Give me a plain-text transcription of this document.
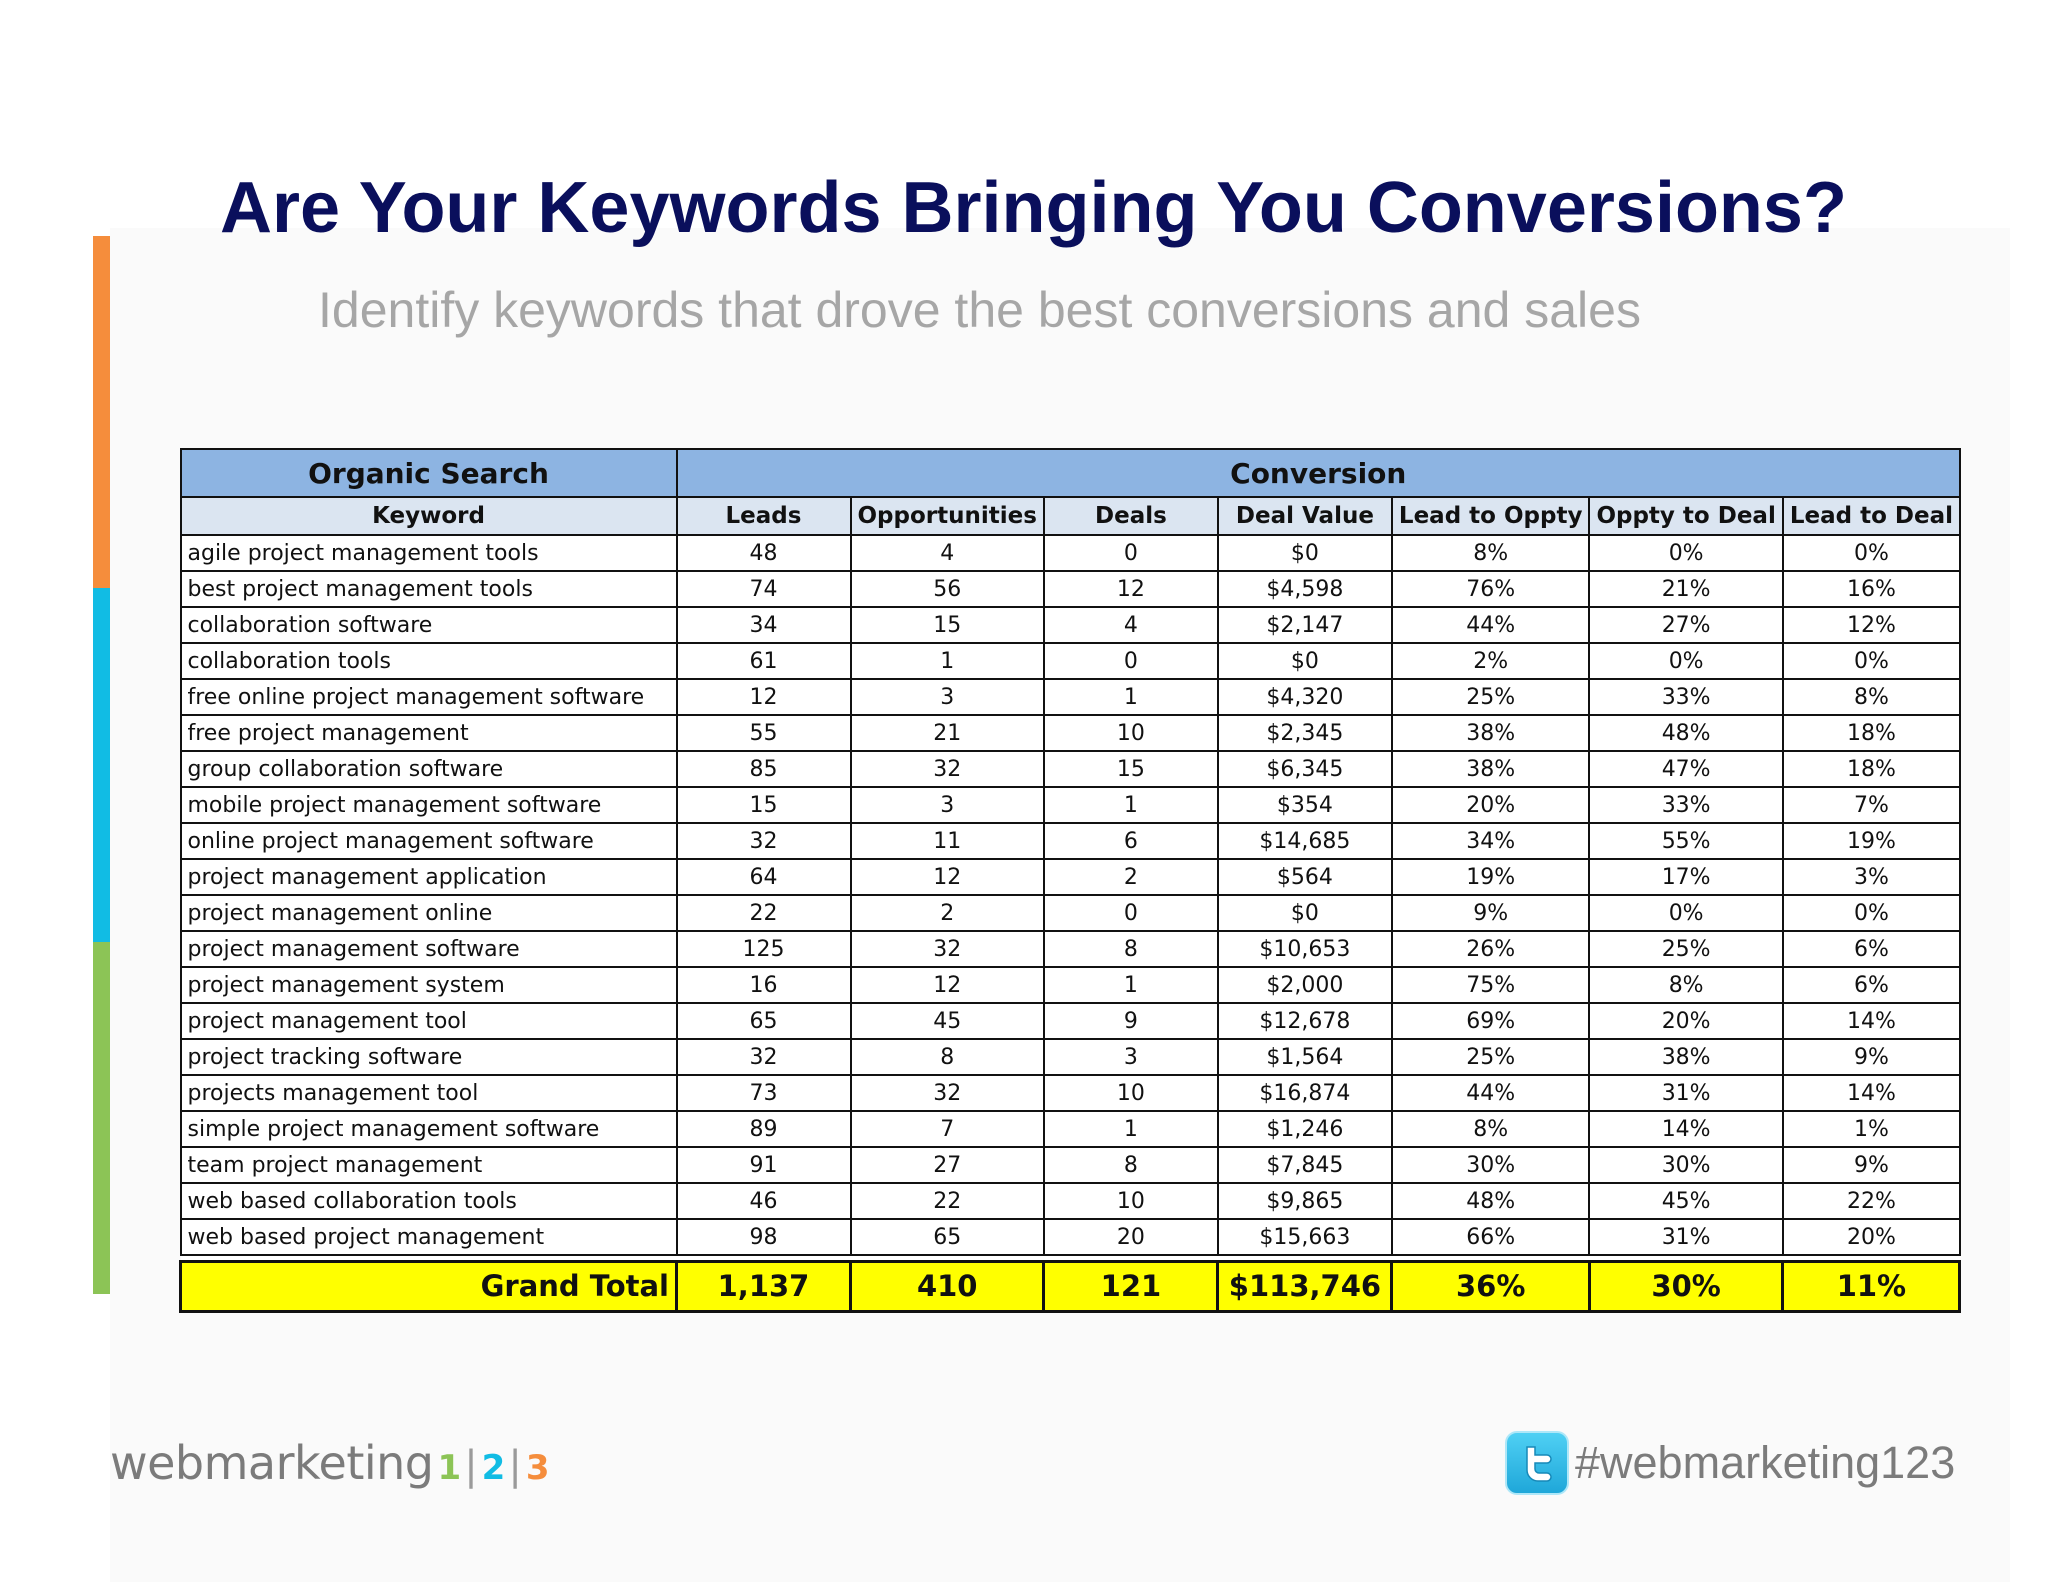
Are Your Keywords Bringing You Conversions?
Identify keywords that drove the best conversions and sales
Organic Search	Conversion						
Keyword	Leads	Opportunities	Deals	Deal Value	Lead to Oppty	Oppty to Deal	Lead to Deal
agile project management tools	48	4	0	$0	8%	0%	0%
best project management tools	74	56	12	$4,598	76%	21%	16%
collaboration software	34	15	4	$2,147	44%	27%	12%
collaboration tools	61	1	0	$0	2%	0%	0%
free online project management software	12	3	1	$4,320	25%	33%	8%
free project management	55	21	10	$2,345	38%	48%	18%
group collaboration software	85	32	15	$6,345	38%	47%	18%
mobile project management software	15	3	1	$354	20%	33%	7%
online project management software	32	11	6	$14,685	34%	55%	19%
project management application	64	12	2	$564	19%	17%	3%
project management online	22	2	0	$0	9%	0%	0%
project management software	125	32	8	$10,653	26%	25%	6%
project management system	16	12	1	$2,000	75%	8%	6%
project management tool	65	45	9	$12,678	69%	20%	14%
project tracking software	32	8	3	$1,564	25%	38%	9%
projects management tool	73	32	10	$16,874	44%	31%	14%
simple project management software	89	7	1	$1,246	8%	14%	1%
team project management	91	27	8	$7,845	30%	30%	9%
web based collaboration tools	46	22	10	$9,865	48%	45%	22%
web based project management	98	65	20	$15,663	66%	31%	20%

Grand Total	1,137	410	121	$113,746	36%	30%	11%
webmarketing 1 | 2 | 3	#webmarketing123
